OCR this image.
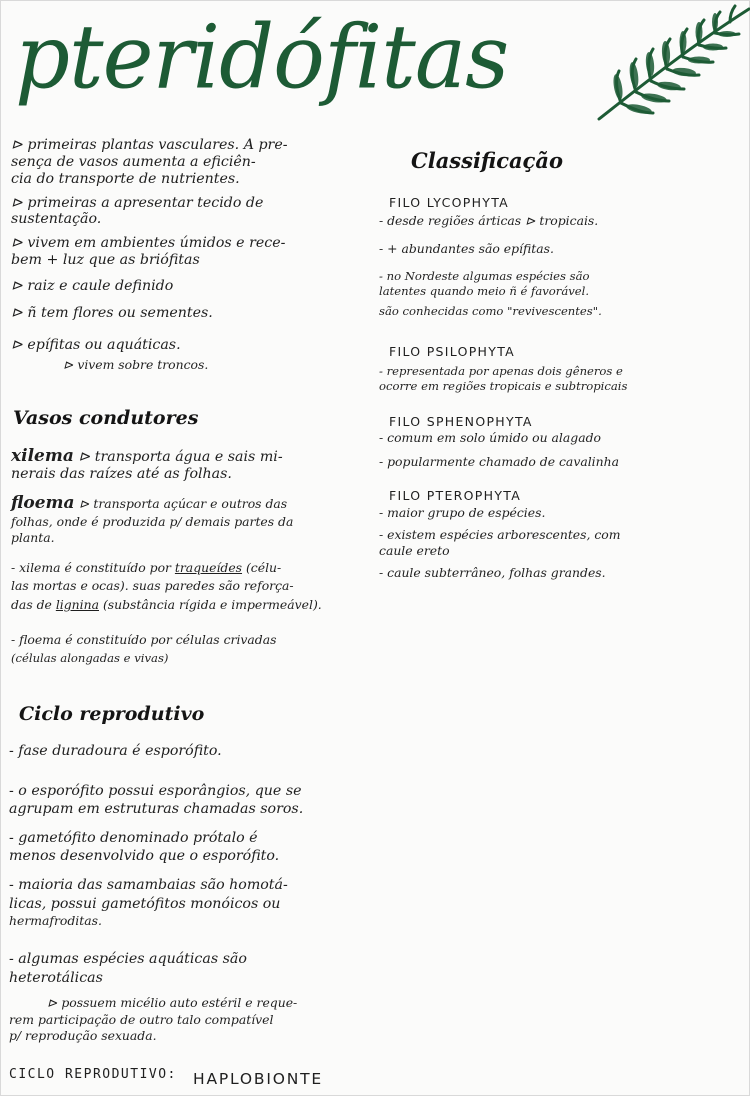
pteridófitas
⊳ primeiras plantas vasculares. A pre-
sença de vasos aumenta a eficiên-
cia do transporte de nutrientes.
⊳ primeiras a apresentar tecido de
sustentação.
⊳ vivem em ambientes úmidos e rece-
bem + luz que as briófitas
⊳ raiz e caule definido
⊳ ñ tem flores ou sementes.
⊳ epífitas ou aquáticas.
⊳ vivem sobre troncos.
Vasos condutores
xilema ⊳ transporta água e sais mi-
nerais das raízes até as folhas.
floema ⊳ transporta açúcar e outros das
folhas, onde é produzida p/ demais partes da
planta.
- xilema é constituído por traqueídes (célu-
las mortas e ocas). suas paredes são reforça-
das de lignina (substância rígida e impermeável).
- floema é constituído por células crivadas
(células alongadas e vivas)
Ciclo reprodutivo
- fase duradoura é esporófito.
- o esporófito possui esporângios, que se
agrupam em estruturas chamadas soros.
- gametófito denominado prótalo é
menos desenvolvido que o esporófito.
- maioria das samambaias são homotá-
licas, possui gametófitos monóicos ou
hermafroditas.
- algumas espécies aquáticas são
heterotálicas
⊳ possuem micélio auto estéril e reque-
rem participação de outro talo compatível
p/ reprodução sexuada.
CICLO REPRODUTIVO: HAPLOBIONTE
Classificação
FILO LYCOPHYTA
- desde regiões árticas ⊳ tropicais.
- + abundantes são epífitas.
- no Nordeste algumas espécies são
latentes quando meio ñ é favorável.
são conhecidas como "revivescentes".
FILO PSILOPHYTA
- representada por apenas dois gêneros e
ocorre em regiões tropicais e subtropicais
FILO SPHENOPHYTA
- comum em solo úmido ou alagado
- popularmente chamado de cavalinha
FILO PTEROPHYTA
- maior grupo de espécies.
- existem espécies arborescentes, com
caule ereto
- caule subterrâneo, folhas grandes.
